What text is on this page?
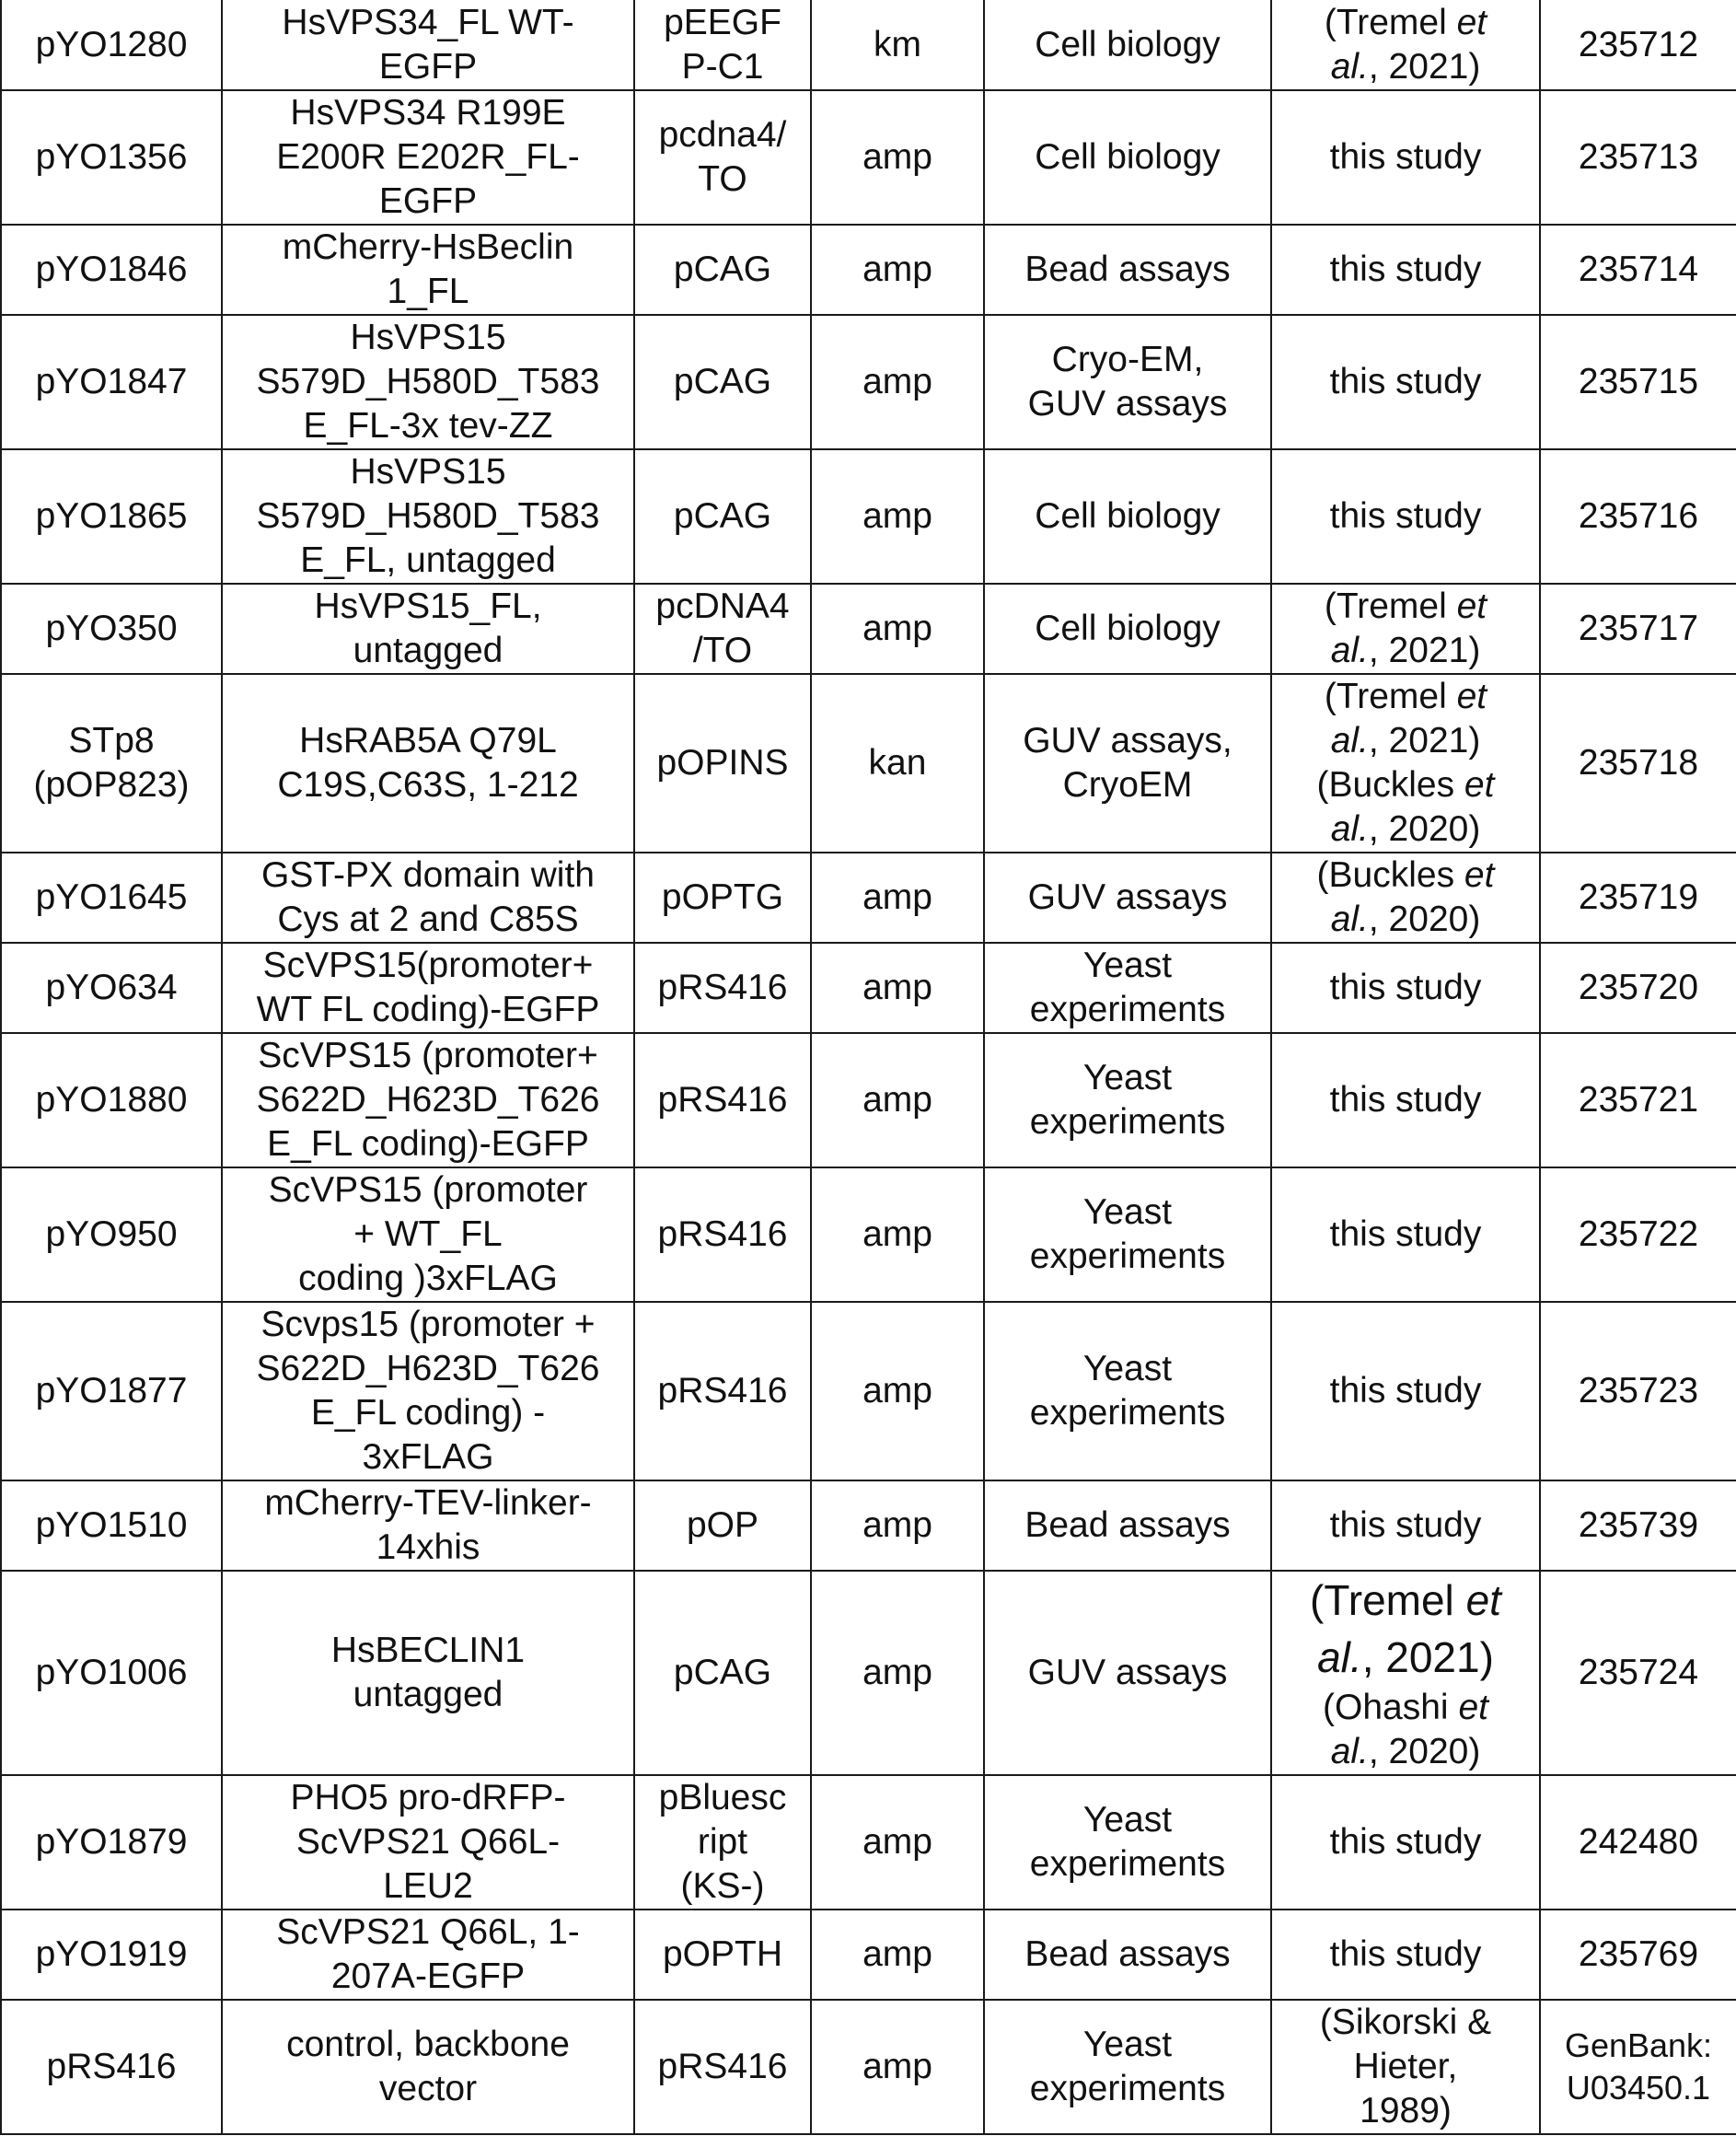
pYO1280	HsVPS34_FL WT-
EGFP	pEEGF
P-C1	km	Cell biology	(Tremel et
al., 2021)	235712

pYO1356	HsVPS34 R199E
E200R E202R_FL-
EGFP	pcdna4/
TO	amp	Cell biology	this study	235713

pYO1846	mCherry-HsBeclin
1_FL	pCAG	amp	Bead assays	this study	235714

pYO1847	HsVPS15
S579D_H580D_T583
E_FL-3x tev-ZZ	pCAG	amp	Cryo-EM,
GUV assays	this study	235715

pYO1865	HsVPS15
S579D_H580D_T583
E_FL, untagged	pCAG	amp	Cell biology	this study	235716

pYO350	HsVPS15_FL,
untagged	pcDNA4
/TO	amp	Cell biology	(Tremel et
al., 2021)	235717

STp8
(pOP823)	HsRAB5A Q79L
C19S,C63S, 1-212	pOPINS	kan	GUV assays,
CryoEM	(Tremel et
al., 2021)
(Buckles et
al., 2020)	235718

pYO1645	GST-PX domain with
Cys at 2 and C85S	pOPTG	amp	GUV assays	(Buckles et
al., 2020)	235719

pYO634	ScVPS15(promoter+
WT FL coding)-EGFP	pRS416	amp	Yeast
experiments	this study	235720

pYO1880	ScVPS15 (promoter+
S622D_H623D_T626
E_FL coding)-EGFP	pRS416	amp	Yeast
experiments	this study	235721

pYO950	ScVPS15 (promoter
+ WT_FL
coding )3xFLAG	pRS416	amp	Yeast
experiments	this study	235722

pYO1877	Scvps15 (promoter +
S622D_H623D_T626
E_FL coding) -
3xFLAG	pRS416	amp	Yeast
experiments	this study	235723

pYO1510	mCherry-TEV-linker-
14xhis	pOP	amp	Bead assays	this study	235739

pYO1006	HsBECLIN1
untagged	pCAG	amp	GUV assays	(Tremel et
al., 2021)
(Ohashi et
al., 2020)	235724

pYO1879	PHO5 pro-dRFP-
ScVPS21 Q66L-
LEU2	pBluesc
ript
(KS-)	amp	Yeast
experiments	this study	242480

pYO1919	ScVPS21 Q66L, 1-
207A-EGFP	pOPTH	amp	Bead assays	this study	235769

pRS416	control, backbone
vector	pRS416	amp	Yeast
experiments	(Sikorski &
Hieter,
1989)	GenBank:
U03450.1
